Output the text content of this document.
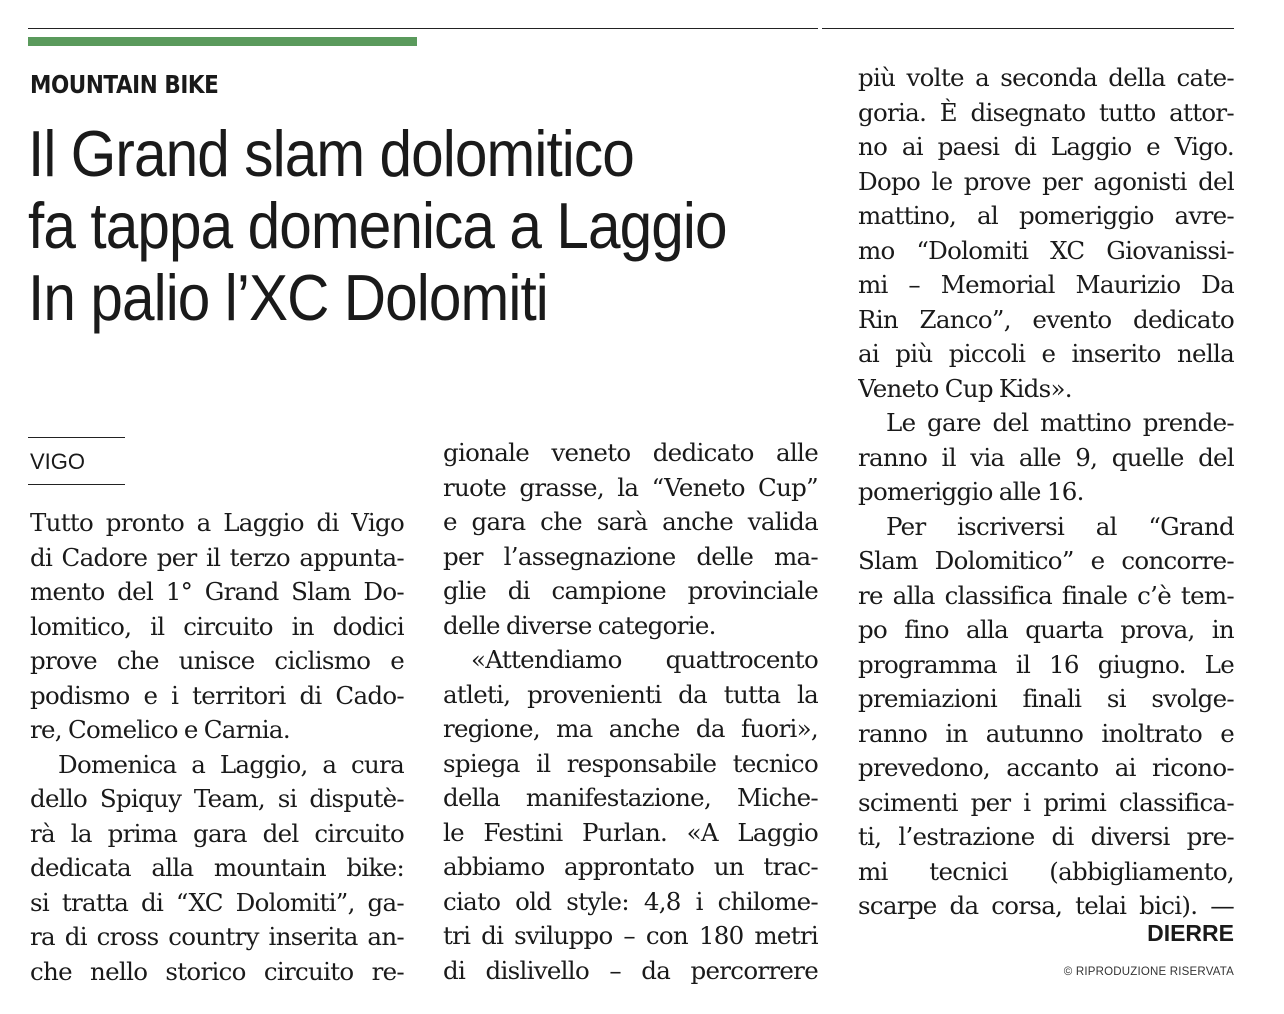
MOUNTAIN BIKE
Il Grand slam dolomitico
fa tappa domenica a Laggio
In palio l’XC Dolomiti
VIGO
Tutto pronto a Laggio di Vigo
di Cadore per il terzo appunta-
mento del 1° Grand Slam Do-
lomitico, il circuito in dodici
prove che unisce ciclismo e
podismo e i territori di Cado-
re, Comelico e Carnia.
Domenica a Laggio, a cura
dello Spiquy Team, si disputè-
rà la prima gara del circuito
dedicata alla mountain bike:
si tratta di “XC Dolomiti”, ga-
ra di cross country inserita an-
che nello storico circuito re-
gionale veneto dedicato alle
ruote grasse, la “Veneto Cup”
e gara che sarà anche valida
per l’assegnazione delle ma-
glie di campione provinciale
delle diverse categorie.
«Attendiamo quattrocento
atleti, provenienti da tutta la
regione, ma anche da fuori»,
spiega il responsabile tecnico
della manifestazione, Miche-
le Festini Purlan. «A Laggio
abbiamo approntato un trac-
ciato old style: 4,8 i chilome-
tri di sviluppo – con 180 metri
di dislivello – da percorrere
più volte a seconda della cate-
goria. È disegnato tutto attor-
no ai paesi di Laggio e Vigo.
Dopo le prove per agonisti del
mattino, al pomeriggio avre-
mo “Dolomiti XC Giovanissi-
mi – Memorial Maurizio Da
Rin Zanco”, evento dedicato
ai più piccoli e inserito nella
Veneto Cup Kids».
Le gare del mattino prende-
ranno il via alle 9, quelle del
pomeriggio alle 16.
Per iscriversi al “Grand
Slam Dolomitico” e concorre-
re alla classifica finale c’è tem-
po fino alla quarta prova, in
programma il 16 giugno. Le
premiazioni finali si svolge-
ranno in autunno inoltrato e
prevedono, accanto ai ricono-
scimenti per i primi classifica-
ti, l’estrazione di diversi pre-
mi tecnici (abbigliamento,
scarpe da corsa, telai bici). —
DIERRE
© RIPRODUZIONE RISERVATA
